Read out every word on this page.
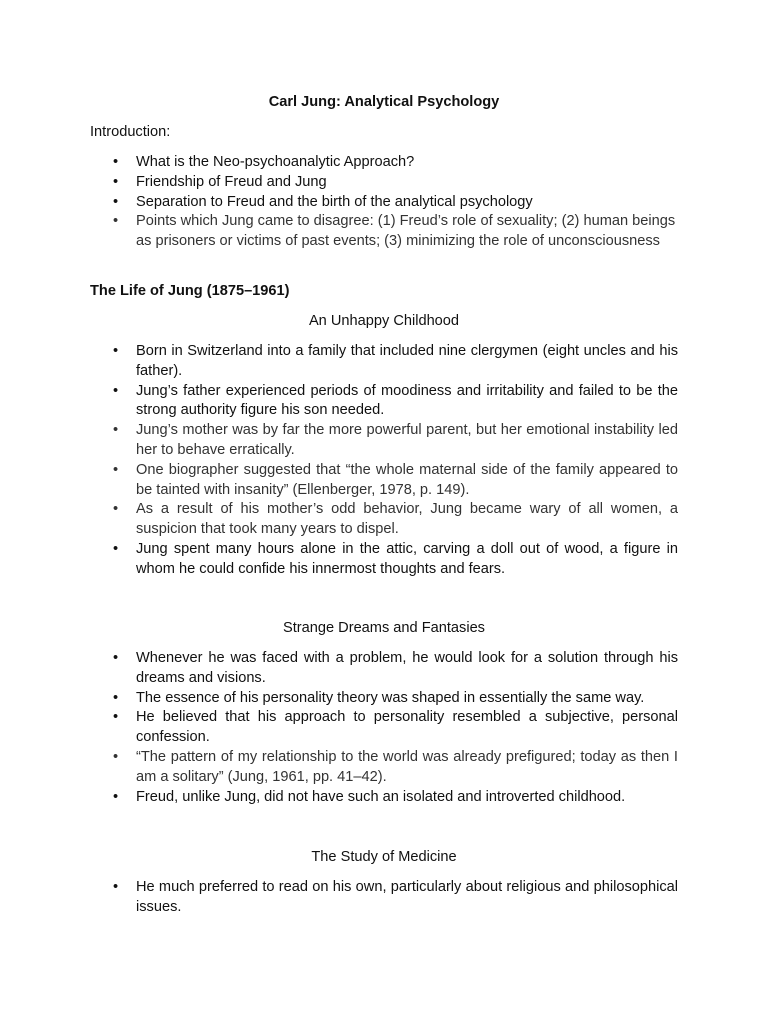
Carl Jung: Analytical Psychology
Introduction:
• What is the Neo-psychoanalytic Approach?
• Friendship of Freud and Jung
• Separation to Freud and the birth of the analytical psychology
• Points which Jung came to disagree: (1) Freud’s role of sexuality; (2) human beings as prisoners or victims of past events; (3) minimizing the role of unconsciousness
The Life of Jung (1875–1961)
An Unhappy Childhood
• Born in Switzerland into a family that included nine clergymen (eight uncles and his father).
• Jung’s father experienced periods of moodiness and irritability and failed to be the strong authority figure his son needed.
• Jung’s mother was by far the more powerful parent, but her emotional instability led her to behave erratically.
• One biographer suggested that “the whole maternal side of the family appeared to be tainted with insanity” (Ellenberger, 1978, p. 149).
• As a result of his mother’s odd behavior, Jung became wary of all women, a suspicion that took many years to dispel.
• Jung spent many hours alone in the attic, carving a doll out of wood, a figure in whom he could confide his innermost thoughts and fears.
Strange Dreams and Fantasies
• Whenever he was faced with a problem, he would look for a solution through his dreams and visions.
• The essence of his personality theory was shaped in essentially the same way.
• He believed that his approach to personality resembled a subjective, personal confession.
• “The pattern of my relationship to the world was already prefigured; today as then I am a solitary” (Jung, 1961, pp. 41–42).
• Freud, unlike Jung, did not have such an isolated and introverted childhood.
The Study of Medicine
• He much preferred to read on his own, particularly about religious and philosophical issues.
